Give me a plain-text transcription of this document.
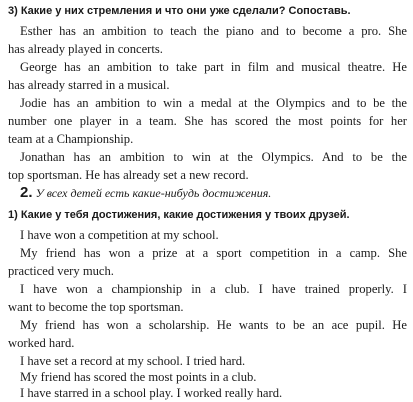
3) Какие у них стремления и что они уже сделали? Сопоставь.
Esther has an ambition to teach the piano and to become a pro. She
has already played in concerts.
George has an ambition to take part in film and musical theatre. He
has already starred in a musical.
Jodie has an ambition to win a medal at the Olympics and to be the
number one player in a team. She has scored the most points for her
team at a Championship.
Jonathan has an ambition to win at the Olympics. And to be the
top sportsman. He has already set a new record.
2. У всех детей есть какие-нибудь достижения.
1) Какие у тебя достижения, какие достижения у твоих друзей.
I have won a competition at my school.
My friend has won a prize at a sport competition in a camp. She
practiced very much.
I have won a championship in a club. I have trained properly. I
want to become the top sportsman.
My friend has won a scholarship. He wants to be an ace pupil. He
worked hard.
I have set a record at my school. I tried hard.
My friend has scored the most points in a club.
I have starred in a school play. I worked really hard.
